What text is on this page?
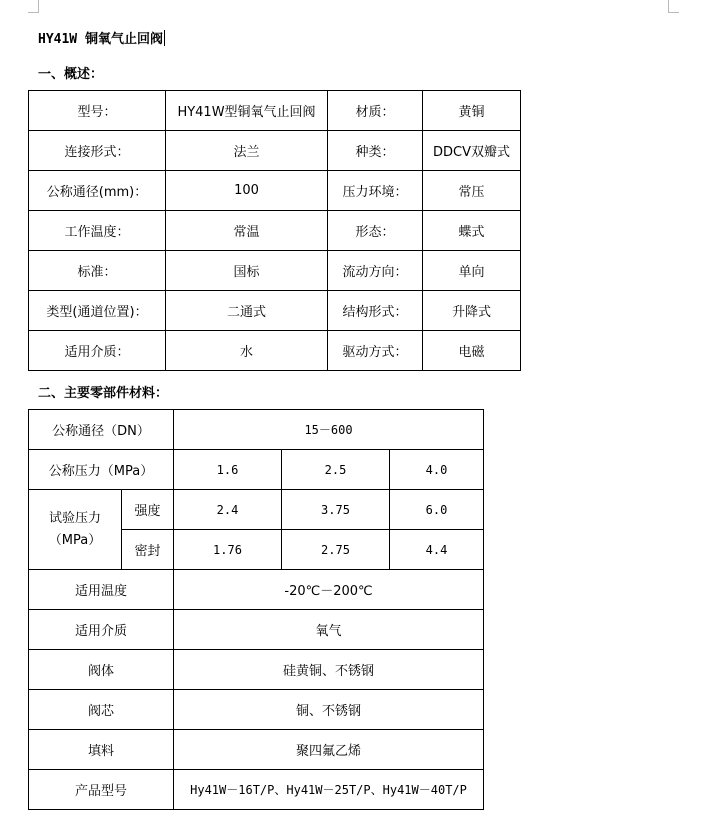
HY41W 铜氧气止回阀
一、概述：
型号：	HY41W型铜氧气止回阀	材质：	黄铜
连接形式：	法兰	种类：	DDCV双瓣式
公称通径(mm)：	100	压力环境：	常压
工作温度：	常温	形态：	蝶式
标准：	国标	流动方向：	单向
类型(通道位置)：	二通式	结构形式：	升降式
适用介质：	水	驱动方式：	电磁
二、主要零部件材料：
公称通径（DN）		15－600		
公称压力（MPa）		1.6	2.5	4.0

试验压力
（MPa）	强度	2.4	3.75	6.0
	密封	1.76	2.75	4.4
适用温度		-20℃－200℃		
适用介质		氧气		
阀体		硅黄铜、不锈钢		
阀芯		铜、不锈钢		
填料		聚四氟乙烯		
产品型号		Hy41W－16T/P、Hy41W－25T/P、Hy41W－40T/P		
